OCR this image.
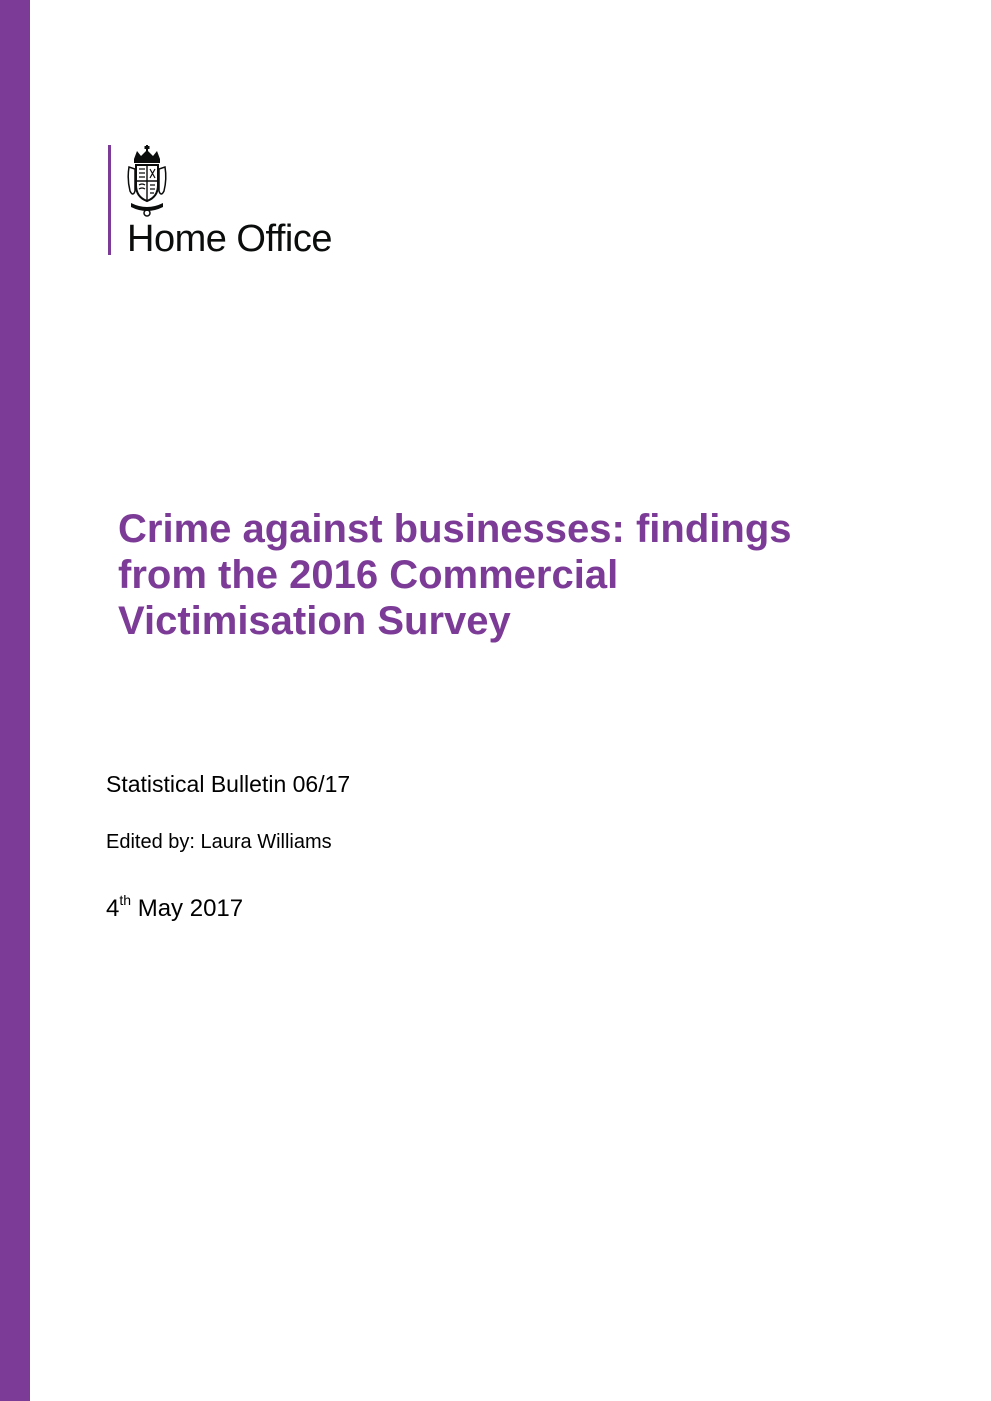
Home Office
Crime against businesses: findings
from the 2016 Commercial
Victimisation Survey
Statistical Bulletin 06/17
Edited by: Laura Williams
4th May 2017
